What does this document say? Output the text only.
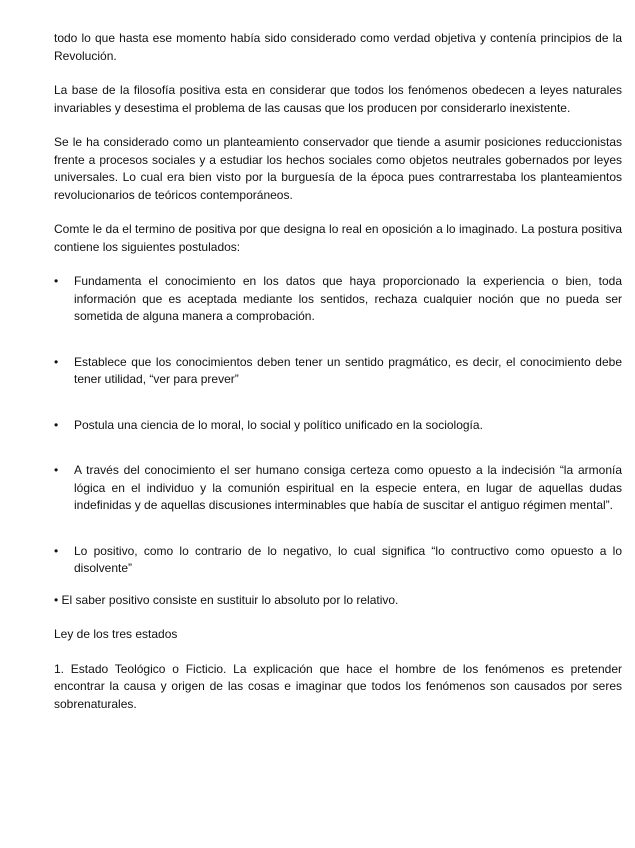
todo lo que hasta ese momento había sido considerado como verdad objetiva y contenía principios de la Revolución.

La base de la filosofía positiva esta en considerar que todos los fenómenos obedecen a leyes naturales invariables y desestima el problema de las causas que los producen por considerarlo inexistente.

Se le ha considerado como un planteamiento conservador que tiende a asumir posiciones reduccionistas frente a procesos sociales y a estudiar los hechos sociales como objetos neutrales gobernados por leyes universales. Lo cual era bien visto por la burguesía de la época pues contrarrestaba los planteamientos revolucionarios de teóricos contemporáneos.

Comte le da el termino de positiva por que designa lo real en oposición a lo imaginado. La postura positiva contiene los siguientes postulados:

• Fundamenta el conocimiento en los datos que haya proporcionado la experiencia o bien, toda información que es aceptada mediante los sentidos, rechaza cualquier noción que no pueda ser sometida de alguna manera a comprobación.
• Establece que los conocimientos deben tener un sentido pragmático, es decir, el conocimiento debe tener utilidad, “ver para prever”
• Postula una ciencia de lo moral, lo social y político unificado en la sociología.
• A través del conocimiento el ser humano consiga certeza como opuesto a la indecisión “la armonía lógica en el individuo y la comunión espiritual en la especie entera, en lugar de aquellas dudas indefinidas y de aquellas discusiones interminables que había de suscitar el antiguo régimen mental”.
• Lo positivo, como lo contrario de lo negativo, lo cual significa “lo contructivo como opuesto a lo disolvente”

• El saber positivo consiste en sustituir lo absoluto por lo relativo.

Ley de los tres estados

1. Estado Teológico o Ficticio. La explicación que hace el hombre de los fenómenos es pretender encontrar la causa y origen de las cosas e imaginar que todos los fenómenos son causados por seres sobrenaturales.
